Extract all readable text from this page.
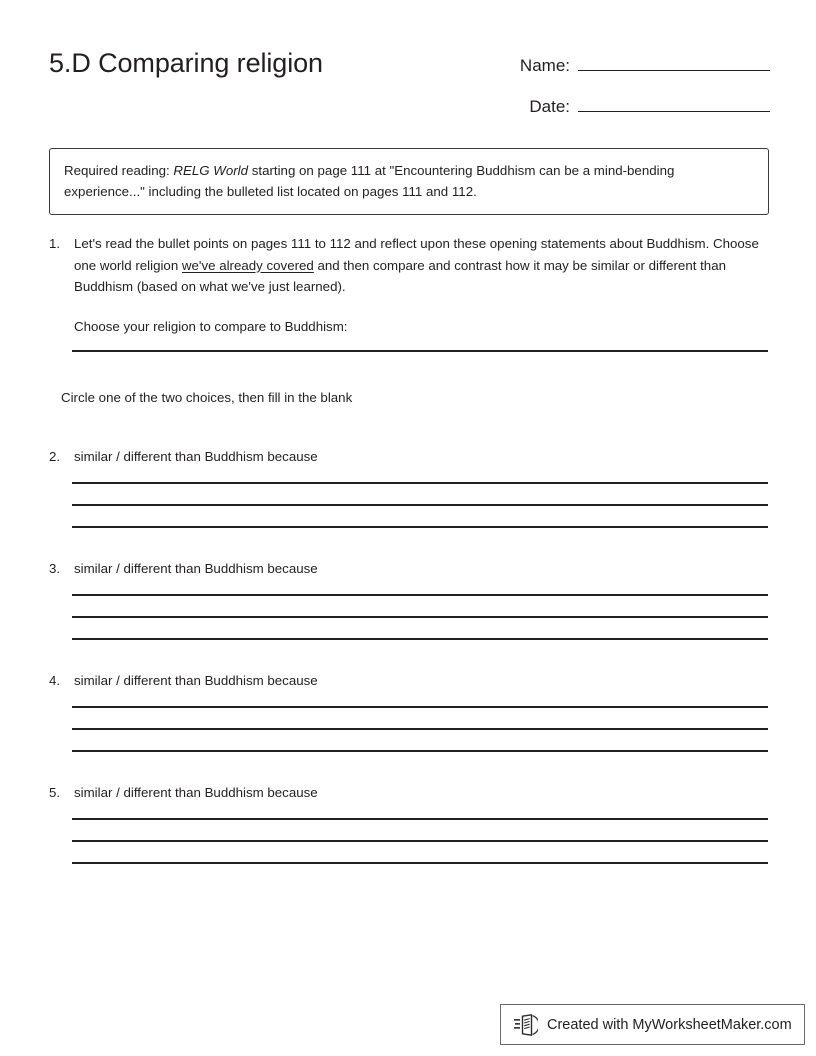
5.D Comparing religion	Name:
Date:
Required reading: RELG World starting on page 111 at "Encountering Buddhism can be a mind-bending experience..." including the bulleted list located on pages 111 and 112.
1.	Let's read the bullet points on pages 111 to 112 and reflect upon these opening statements about Buddhism. Choose one world religion we've already covered and then compare and contrast how it may be similar or different than Buddhism (based on what we've just learned).
Choose your religion to compare to Buddhism:
Circle one of the two choices, then fill in the blank
2.	similar / different than Buddhism because
3.	similar / different than Buddhism because
4.	similar / different than Buddhism because
5.	similar / different than Buddhism because
Created with MyWorksheetMaker.com
